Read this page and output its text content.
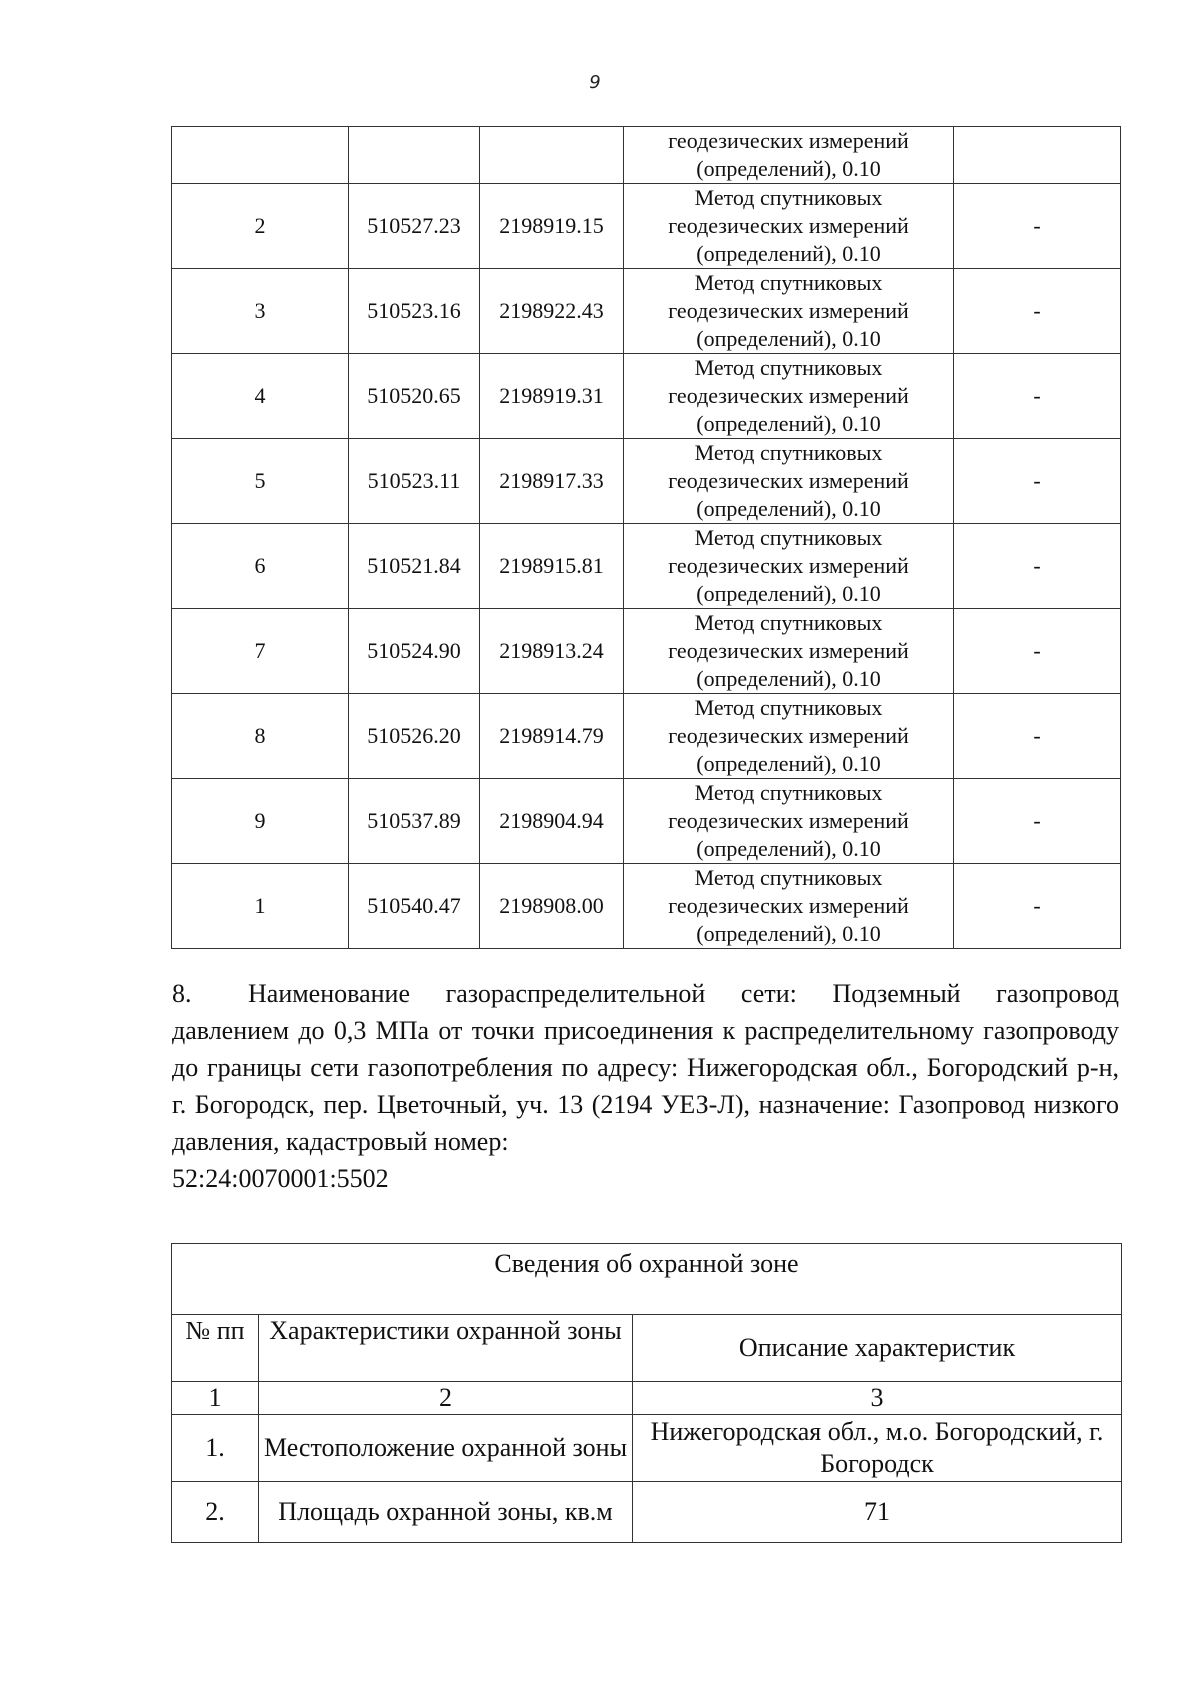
9

			геодезических измерений
(определений), 0.10	

2	510527.23	2198919.15	Метод спутниковых
геодезических измерений
(определений), 0.10	-
3	510523.16	2198922.43	Метод спутниковых
геодезических измерений
(определений), 0.10	-
4	510520.65	2198919.31	Метод спутниковых
геодезических измерений
(определений), 0.10	-
5	510523.11	2198917.33	Метод спутниковых
геодезических измерений
(определений), 0.10	-
6	510521.84	2198915.81	Метод спутниковых
геодезических измерений
(определений), 0.10	-
7	510524.90	2198913.24	Метод спутниковых
геодезических измерений
(определений), 0.10	-
8	510526.20	2198914.79	Метод спутниковых
геодезических измерений
(определений), 0.10	-
9	510537.89	2198904.94	Метод спутниковых
геодезических измерений
(определений), 0.10	-
1	510540.47	2198908.00	Метод спутниковых
геодезических измерений
(определений), 0.10	-

8. Наименование газораспределительной сети: Подземный газопровод давлением до 0,3 МПа от точки присоединения к распределительному газопроводу до границы сети газопотребления по адресу: Нижегородская обл., Богородский р-н, г. Богородск, пер. Цветочный, уч. 13 (2194 УЕЗ-Л), назначение: Газопровод низкого давления, кадастровый номер:
52:24:0070001:5502

Сведения об охранной зоне		
№ пп	Характеристики охранной зоны	Описание характеристик
1	2	3
1.	Местоположение охранной зоны	Нижегородская обл., м.о. Богородский, г. Богородск
2.	Площадь охранной зоны, кв.м	71
